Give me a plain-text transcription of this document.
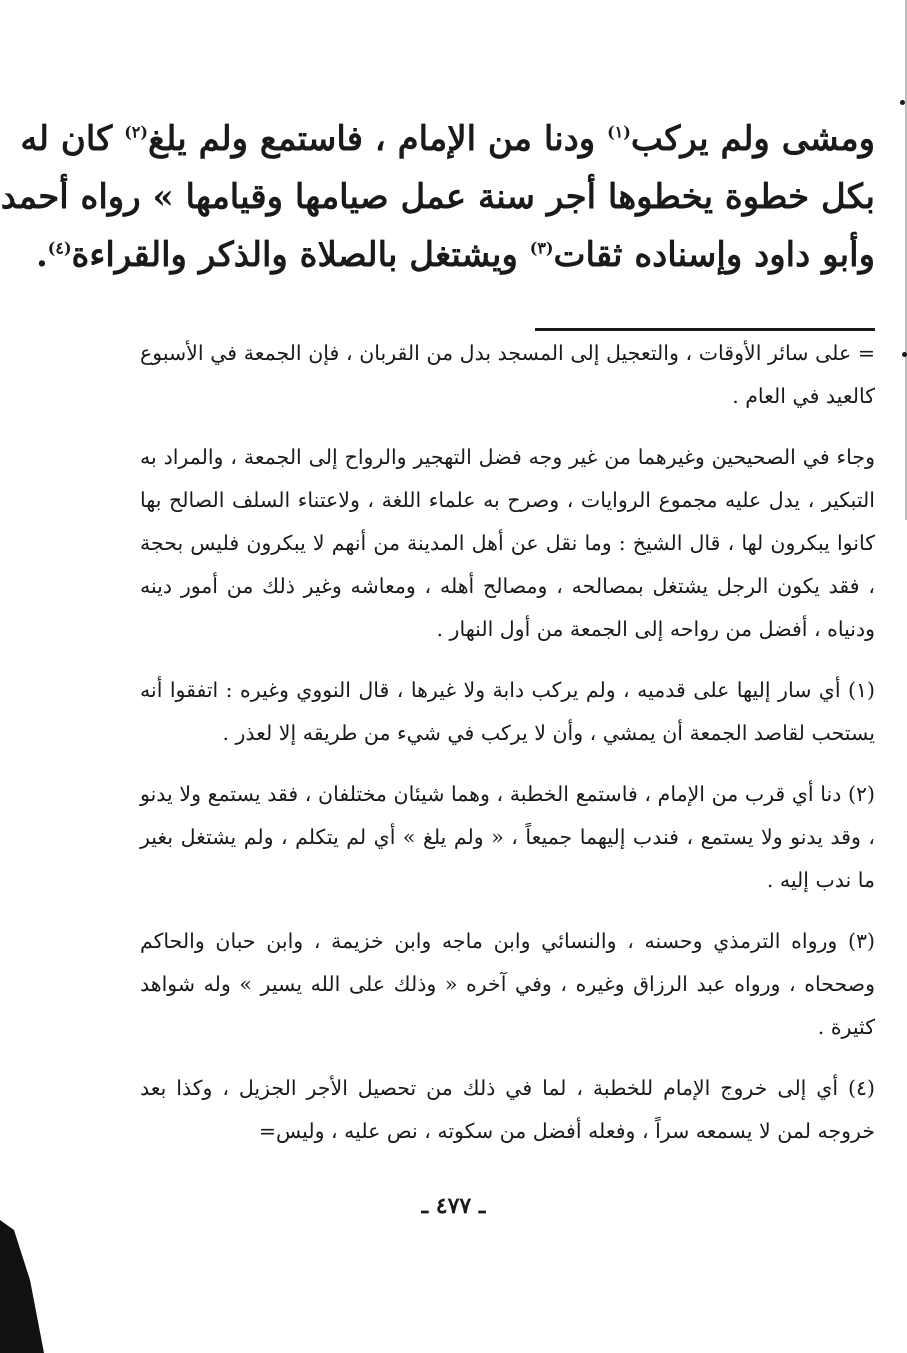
ومشى ولم يركب$^{(١)}$ ودنا من الإمام ، فاستمع ولم يلغ$^{(٢)}$ كان له
بكل خطوة يخطوها أجر سنة عمل صيامها وقيامها » رواه أحمد
وأبو داود وإسناده ثقات$^{(٣)}$ ويشتغل بالصلاة والذكر والقراءة$^{(٤)}$.

= على سائر الأوقات ، والتعجيل إلى المسجد بدل من القربان ، فإن الجمعة في الأسبوع كالعيد في العام .

وجاء في الصحيحين وغيرهما من غير وجه فضل التهجير والرواح إلى الجمعة ، والمراد به التبكير ، يدل عليه مجموع الروايات ، وصرح به علماء اللغة ، ولاعتناء السلف الصالح بها كانوا يبكرون لها ، قال الشيخ : وما نقل عن أهل المدينة من أنهم لا يبكرون فليس بحجة ، فقد يكون الرجل يشتغل بمصالحه ، ومصالح أهله ، ومعاشه وغير ذلك من أمور دينه ودنياه ، أفضل من رواحه إلى الجمعة من أول النهار .

(١) أي سار إليها على قدميه ، ولم يركب دابة ولا غيرها ، قال النووي وغيره : اتفقوا أنه يستحب لقاصد الجمعة أن يمشي ، وأن لا يركب في شيء من طريقه إلا لعذر .

(٢) دنا أي قرب من الإمام ، فاستمع الخطبة ، وهما شيئان مختلفان ، فقد يستمع ولا يدنو ، وقد يدنو ولا يستمع ، فندب إليهما جميعاً ، « ولم يلغ » أي لم يتكلم ، ولم يشتغل بغير ما ندب إليه .

(٣) ورواه الترمذي وحسنه ، والنسائي وابن ماجه وابن خزيمة ، وابن حبان والحاكم وصححاه ، ورواه عبد الرزاق وغيره ، وفي آخره « وذلك على الله يسير » وله شواهد كثيرة .

(٤) أي إلى خروج الإمام للخطبة ، لما في ذلك من تحصيل الأجر الجزيل ، وكذا بعد خروجه لمن لا يسمعه سراً ، وفعله أفضل من سكوته ، نص عليه ، وليس=

ـ ٤٧٧ ـ
